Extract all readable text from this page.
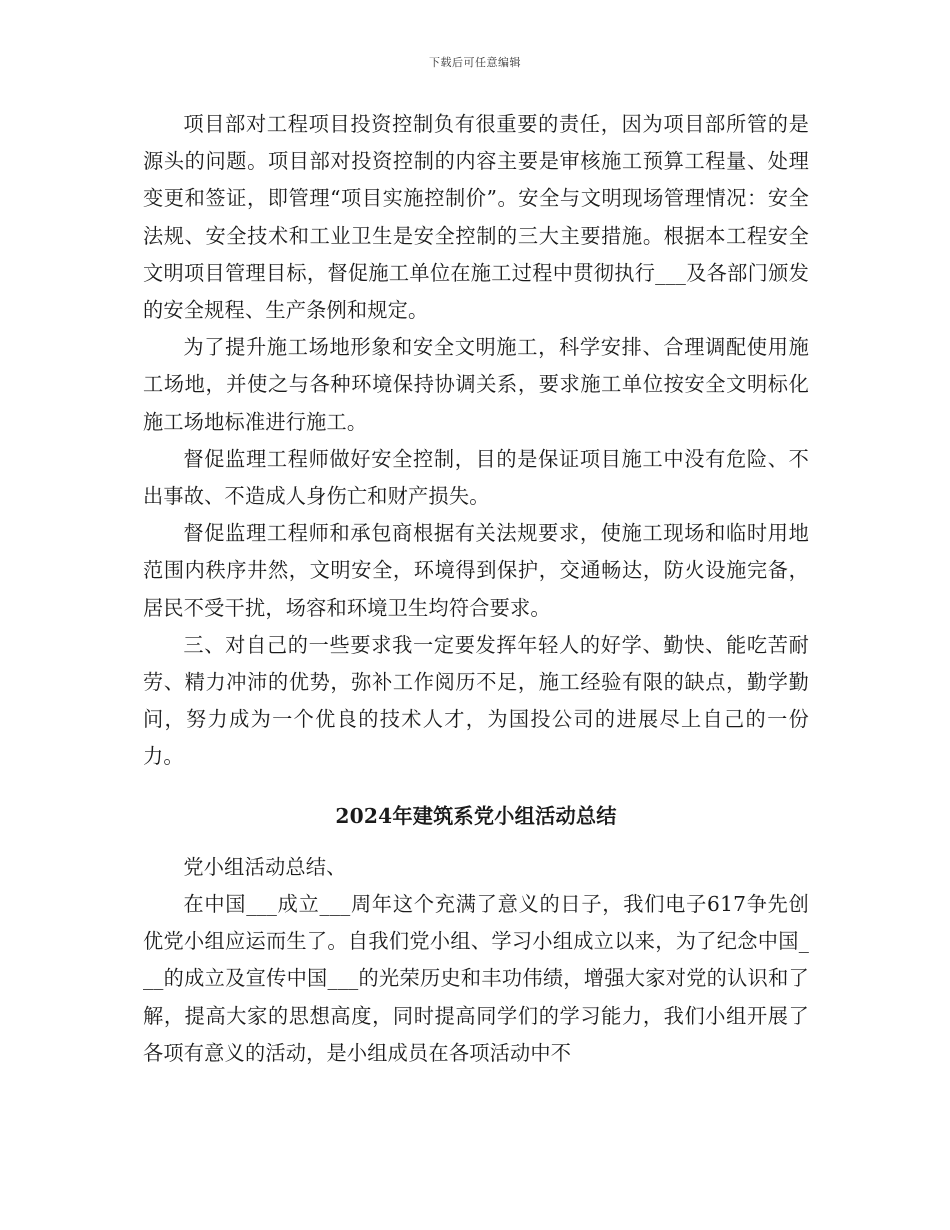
下载后可任意编辑

项目部对工程项目投资控制负有很重要的责任，因为项目部所管的是源头的问题。项目部对投资控制的内容主要是审核施工预算工程量、处理变更和签证，即管理“项目实施控制价”。安全与文明现场管理情况：安全法规、安全技术和工业卫生是安全控制的三大主要措施。根据本工程安全文明项目管理目标，督促施工单位在施工过程中贯彻执行___及各部门颁发的安全规程、生产条例和规定。

为了提升施工场地形象和安全文明施工，科学安排、合理调配使用施工场地，并使之与各种环境保持协调关系，要求施工单位按安全文明标化施工场地标准进行施工。

督促监理工程师做好安全控制，目的是保证项目施工中没有危险、不出事故、不造成人身伤亡和财产损失。

督促监理工程师和承包商根据有关法规要求，使施工现场和临时用地范围内秩序井然，文明安全，环境得到保护，交通畅达，防火设施完备，居民不受干扰，场容和环境卫生均符合要求。

三、对自己的一些要求我一定要发挥年轻人的好学、勤快、能吃苦耐劳、精力冲沛的优势，弥补工作阅历不足，施工经验有限的缺点，勤学勤问，努力成为一个优良的技术人才，为国投公司的进展尽上自己的一份力。

2024年建筑系党小组活动总结

党小组活动总结、

在中国___成立___周年这个充满了意义的日子，我们电子617争先创优党小组应运而生了。自我们党小组、学习小组成立以来，为了纪念中国___的成立及宣传中国___的光荣历史和丰功伟绩，增强大家对党的认识和了解，提高大家的思想高度，同时提高同学们的学习能力，我们小组开展了各项有意义的活动，是小组成员在各项活动中不
